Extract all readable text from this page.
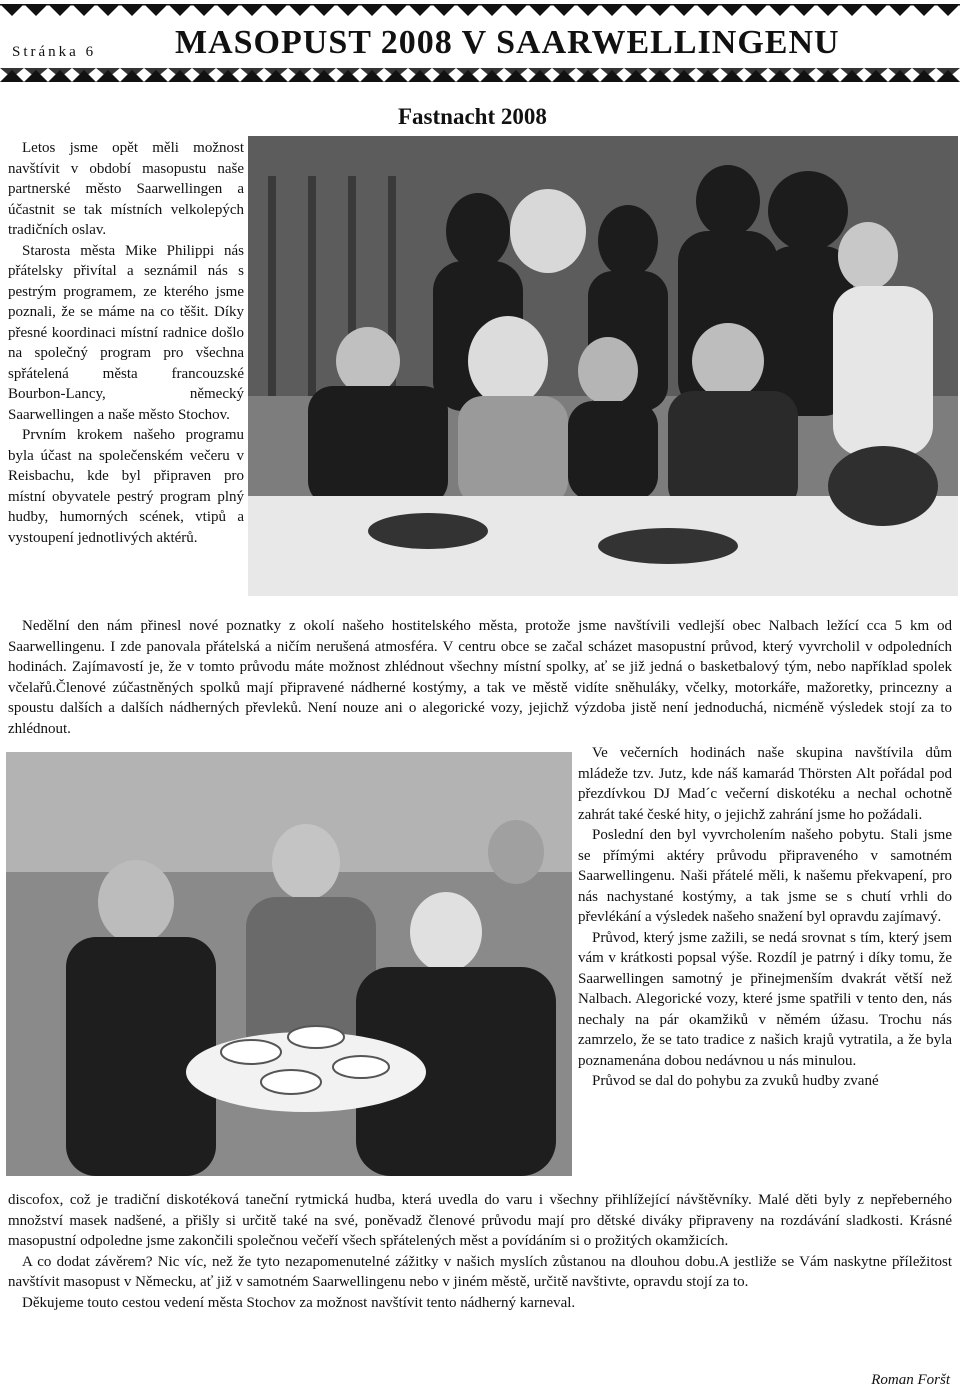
Stránka 6 MASOPUST 2008 V SAARWELLINGENU
Fastnacht 2008

Letos jsme opět měli možnost navštívit v období masopustu naše partnerské město Saarwellingen a účastnit se tak místních velkolepých tradičních oslav.

Starosta města Mike Philippi nás přátelsky přivítal a seznámil nás s pestrým programem, ze kterého jsme poznali, že se máme na co těšit. Díky přesné koordinaci místní radnice došlo na společný program pro všechna spřátelená města francouzské Bourbon-Lancy, německý Saarwellingen a naše město Stochov.

Prvním krokem našeho programu byla účast na společenském večeru v Reisbachu, kde byl připraven pro místní obyvatele pestrý program plný hudby, humorných scének, vtipů a vystoupení jednotlivých aktérů.

Nedělní den nám přinesl nové poznatky z okolí našeho hostitelského města, protože jsme navštívili vedlejší obec Nalbach ležící cca 5 km od Saarwellingenu. I zde panovala přátelská a ničím nerušená atmosféra. V centru obce se začal scházet masopustní průvod, který vyvrcholil v odpoledních hodinách. Zajímavostí je, že v tomto průvodu máte možnost zhlédnout všechny místní spolky, ať se již jedná o basketbalový tým, nebo například spolek včelařů.Členové zúčastněných spolků mají připravené nádherné kostýmy, a tak ve městě vidíte sněhuláky, včelky, motorkáře, mažoretky, princezny a spoustu dalších a dalších nádherných převleků. Není nouze ani o alegorické vozy, jejichž výzdoba jistě není jednoduchá, nicméně výsledek stojí za to zhlédnout.

Ve večerních hodinách naše skupina navštívila dům mládeže tzv. Jutz, kde náš kamarád Thörsten Alt pořádal pod přezdívkou DJ Mad´c večerní diskotéku a nechal ochotně zahrát také české hity, o jejichž zahrání jsme ho požádali.

Poslední den byl vyvrcholením našeho pobytu. Stali jsme se přímými aktéry průvodu připraveného v samotném Saarwellingenu. Naši přátelé měli, k našemu překvapení, pro nás nachystané kostýmy, a tak jsme se s chutí vrhli do převlékání a výsledek našeho snažení byl opravdu zajímavý.

Průvod, který jsme zažili, se nedá srovnat s tím, který jsem vám v krátkosti popsal výše. Rozdíl je patrný i díky tomu, že Saarwellingen samotný je přinejmenším dvakrát větší než Nalbach. Alegorické vozy, které jsme spatřili v tento den, nás nechaly na pár okamžiků v němém úžasu. Trochu nás zamrzelo, že se tato tradice z našich krajů vytratila, a že byla poznamenána dobou nedávnou u nás minulou.

Průvod se dal do pohybu za zvuků hudby zvané

discofox, což je tradiční diskotéková taneční rytmická hudba, která uvedla do varu i všechny přihlížející návštěvníky. Malé děti byly z nepřeberného množství masek nadšené, a přišly si určitě také na své, poněvadž členové průvodu mají pro dětské diváky připraveny na rozdávání sladkosti. Krásné masopustní odpoledne jsme zakončili společnou večeří všech spřátelených měst a povídáním si o prožitých okamžicích.

A co dodat závěrem? Nic víc, než že tyto nezapomenutelné zážitky v našich myslích zůstanou na dlouhou dobu.A jestliže se Vám naskytne příležitost navštívit masopust v Německu, ať již v samotném Saarwellingenu nebo v jiném městě, určitě navštivte, opravdu stojí za to.

Děkujeme touto cestou vedení města Stochov za možnost navštívit tento nádherný karneval.

Roman Foršt
